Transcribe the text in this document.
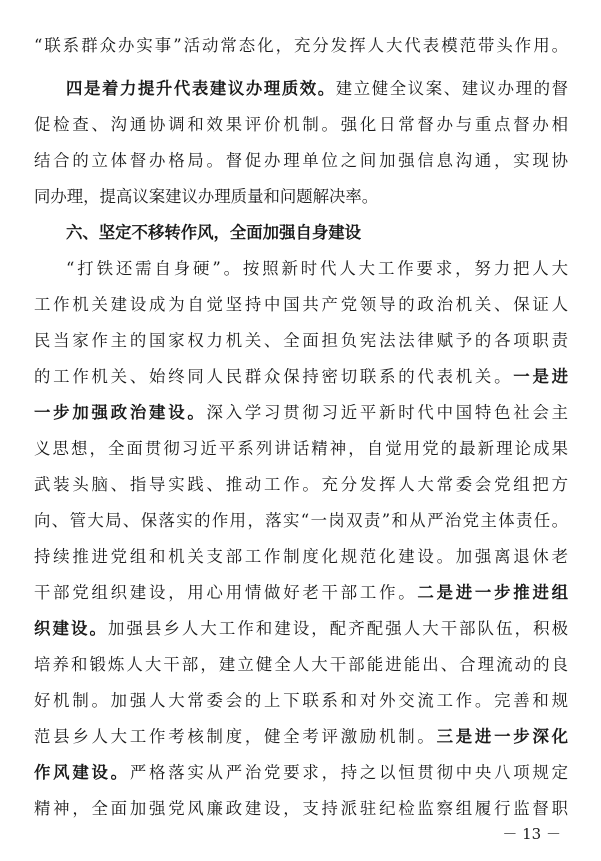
“联系群众办实事”活动常态化，充分发挥人大代表模范带头作用。
四是着力提升代表建议办理质效。建立健全议案、建议办理的督
促检查、沟通协调和效果评价机制。强化日常督办与重点督办相
结合的立体督办格局。督促办理单位之间加强信息沟通，实现协
同办理，提高议案建议办理质量和问题解决率。
六、坚定不移转作风，全面加强自身建设
“打铁还需自身硬”。按照新时代人大工作要求，努力把人大
工作机关建设成为自觉坚持中国共产党领导的政治机关、保证人
民当家作主的国家权力机关、全面担负宪法法律赋予的各项职责
的工作机关、始终同人民群众保持密切联系的代表机关。一是进
一步加强政治建设。深入学习贯彻习近平新时代中国特色社会主
义思想，全面贯彻习近平系列讲话精神，自觉用党的最新理论成果
武装头脑、指导实践、推动工作。充分发挥人大常委会党组把方
向、管大局、保落实的作用，落实“一岗双责”和从严治党主体责任。
持续推进党组和机关支部工作制度化规范化建设。加强离退休老
干部党组织建设，用心用情做好老干部工作。二是进一步推进组
织建设。加强县乡人大工作和建设，配齐配强人大干部队伍，积极
培养和锻炼人大干部，建立健全人大干部能进能出、合理流动的良
好机制。加强人大常委会的上下联系和对外交流工作。完善和规
范县乡人大工作考核制度，健全考评激励机制。三是进一步深化
作风建设。严格落实从严治党要求，持之以恒贯彻中央八项规定
精神，全面加强党风廉政建设，支持派驻纪检监察组履行监督职
－ 13 －
